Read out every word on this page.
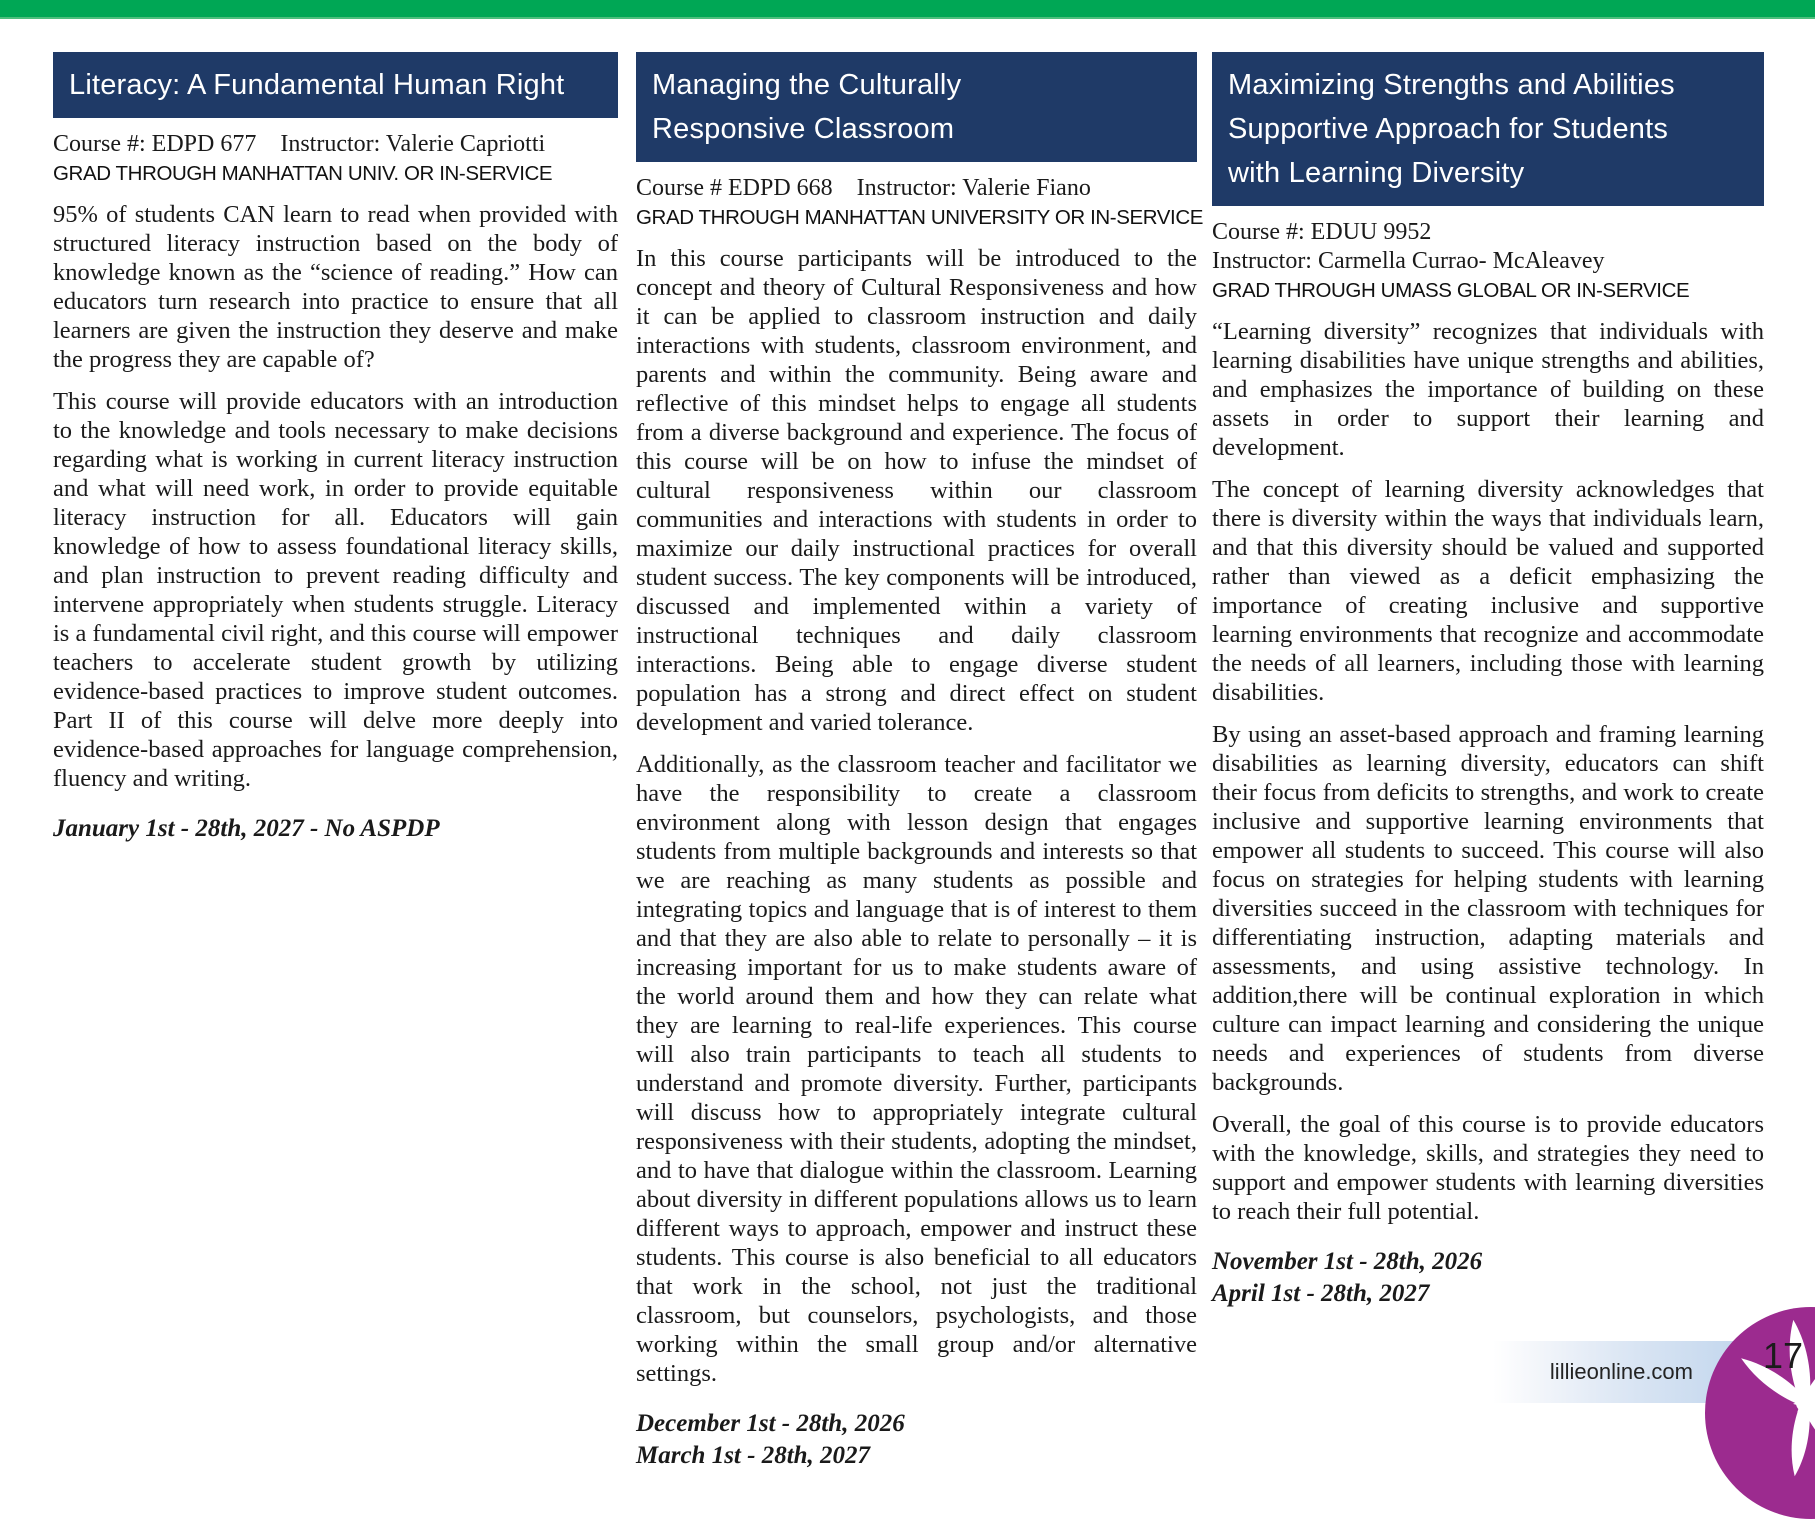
Literacy: A Fundamental Human Right
Course #: EDPD 677 Instructor: Valerie Capriotti
GRAD THROUGH MANHATTAN UNIV. OR IN-SERVICE

95% of students CAN learn to read when provided with structured literacy instruction based on the body of knowledge known as the “science of reading.” How can educators turn research into practice to ensure that all learners are given the instruction they deserve and make the progress they are capable of?

This course will provide educators with an introduction to the knowledge and tools necessary to make decisions regarding what is working in current literacy instruction and what will need work, in order to provide equitable literacy instruction for all. Educators will gain knowledge of how to assess foundational literacy skills, and plan instruction to prevent reading difficulty and intervene appropriately when students struggle. Literacy is a fundamental civil right, and this course will empower teachers to accelerate student growth by utilizing evidence-based practices to improve student outcomes. Part II of this course will delve more deeply into evidence-based approaches for language comprehension, fluency and writing.

January 1st - 28th, 2027 - No ASPDP
Managing the Culturally
Responsive Classroom
Course # EDPD 668 Instructor: Valerie Fiano
GRAD THROUGH MANHATTAN UNIVERSITY OR IN-SERVICE

In this course participants will be introduced to the concept and theory of Cultural Responsiveness and how it can be applied to classroom instruction and daily interactions with students, classroom environment, and parents and within the community. Being aware and reflective of this mindset helps to engage all students from a diverse background and experience. The focus of this course will be on how to infuse the mindset of cultural responsiveness within our classroom communities and interactions with students in order to maximize our daily instructional practices for overall student success. The key components will be introduced, discussed and implemented within a variety of instructional techniques and daily classroom interactions. Being able to engage diverse student population has a strong and direct effect on student development and varied tolerance.

Additionally, as the classroom teacher and facilitator we have the responsibility to create a classroom environment along with lesson design that engages students from multiple backgrounds and interests so that we are reaching as many students as possible and integrating topics and language that is of interest to them and that they are also able to relate to personally – it is increasing important for us to make students aware of the world around them and how they can relate what they are learning to real-life experiences. This course will also train participants to teach all students to understand and promote diversity. Further, participants will discuss how to appropriately integrate cultural responsiveness with their students, adopting the mindset, and to have that dialogue within the classroom. Learning about diversity in different populations allows us to learn different ways to approach, empower and instruct these students. This course is also beneficial to all educators that work in the school, not just the traditional classroom, but counselors, psychologists, and those working within the small group and/or alternative settings.

December 1st - 28th, 2026
March 1st - 28th, 2027
Maximizing Strengths and Abilities
Supportive Approach for Students
with Learning Diversity
Course #: EDUU 9952
Instructor: Carmella Currao- McAleavey
GRAD THROUGH UMASS GLOBAL OR IN-SERVICE

“Learning diversity” recognizes that individuals with learning disabilities have unique strengths and abilities, and emphasizes the importance of building on these assets in order to support their learning and development.

The concept of learning diversity acknowledges that there is diversity within the ways that individuals learn, and that this diversity should be valued and supported rather than viewed as a deficit emphasizing the importance of creating inclusive and supportive learning environments that recognize and accommodate the needs of all learners, including those with learning disabilities.

By using an asset-based approach and framing learning disabilities as learning diversity, educators can shift their focus from deficits to strengths, and work to create inclusive and supportive learning environments that empower all students to succeed. This course will also focus on strategies for helping students with learning diversities succeed in the classroom with techniques for differentiating instruction, adapting materials and assessments, and using assistive technology. In addition,there will be continual exploration in which culture can impact learning and considering the unique needs and experiences of students from diverse backgrounds.

Overall, the goal of this course is to provide educators with the knowledge, skills, and strategies they need to support and empower students with learning diversities to reach their full potential.

November 1st - 28th, 2026
April 1st - 28th, 2027
lillieonline.com 17
